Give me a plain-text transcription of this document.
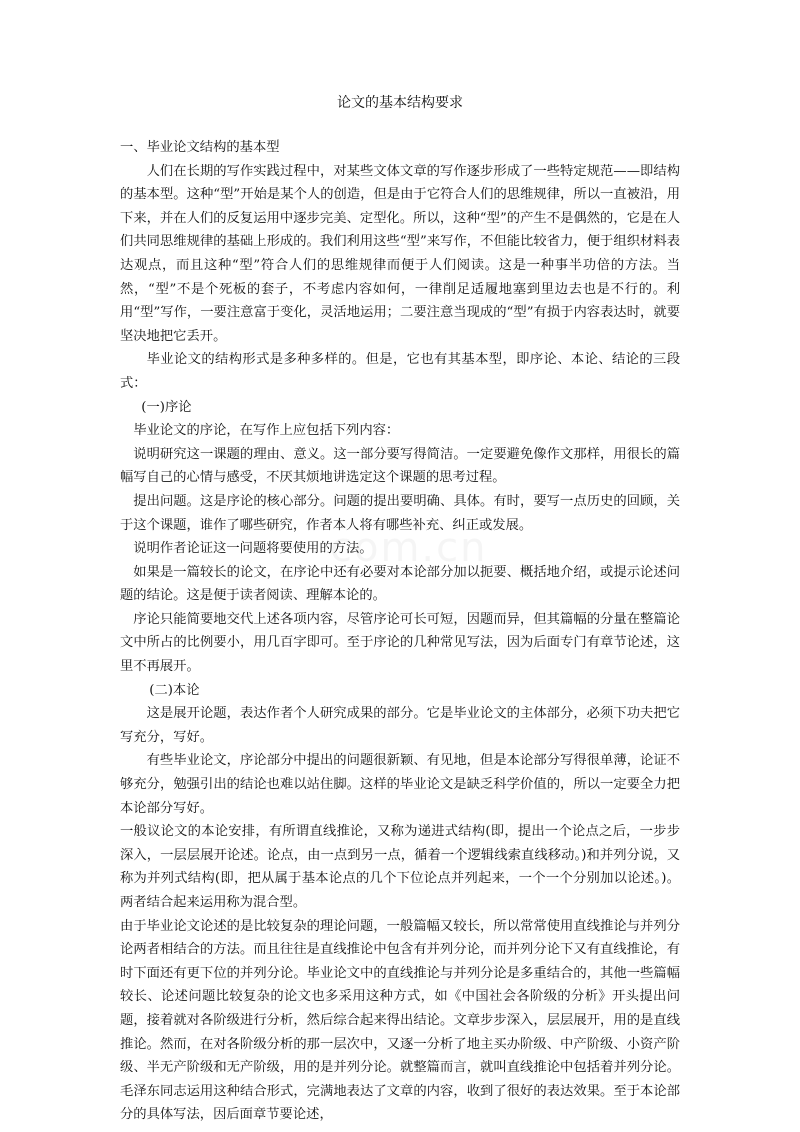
com.cn
论文的基本结构要求

一、毕业论文结构的基本型

人们在长期的写作实践过程中，对某些文体文章的写作逐步形成了一些特定规范——即结构的基本型。这种“型”开始是某个人的创造，但是由于它符合人们的思维规律，所以一直被沿，用下来，并在人们的反复运用中逐步完美、定型化。所以，这种“型”的产生不是偶然的，它是在人们共同思维规律的基础上形成的。我们利用这些“型”来写作，不但能比较省力，便于组织材料表达观点，而且这种“型”符合人们的思维规律而便于人们阅读。这是一种事半功倍的方法。当然，“型”不是个死板的套子，不考虑内容如何，一律削足适履地塞到里边去也是不行的。利用“型”写作，一要注意富于变化，灵活地运用；二要注意当现成的“型”有损于内容表达时，就要坚决地把它丢开。

毕业论文的结构形式是多种多样的。但是，它也有其基本型，即序论、本论、结论的三段式：

(一)序论

毕业论文的序论，在写作上应包括下列内容：

说明研究这一课题的理由、意义。这一部分要写得简洁。一定要避免像作文那样，用很长的篇幅写自己的心情与感受，不厌其烦地讲选定这个课题的思考过程。

提出问题。这是序论的核心部分。问题的提出要明确、具体。有时，要写一点历史的回顾，关于这个课题，谁作了哪些研究，作者本人将有哪些补充、纠正或发展。

说明作者论证这一问题将要使用的方法。

如果是一篇较长的论文，在序论中还有必要对本论部分加以扼要、概括地介绍，或提示论述问题的结论。这是便于读者阅读、理解本论的。

序论只能简要地交代上述各项内容，尽管序论可长可短，因题而异，但其篇幅的分量在整篇论文中所占的比例要小，用几百字即可。至于序论的几种常见写法，因为后面专门有章节论述，这里不再展开。

(二)本论

这是展开论题，表达作者个人研究成果的部分。它是毕业论文的主体部分，必须下功夫把它写充分，写好。

有些毕业论文，序论部分中提出的问题很新颖、有见地，但是本论部分写得很单薄，论证不够充分，勉强引出的结论也难以站住脚。这样的毕业论文是缺乏科学价值的，所以一定要全力把本论部分写好。

一般议论文的本论安排，有所谓直线推论，又称为递进式结构(即，提出一个论点之后，一步步深入，一层层展开论述。论点，由一点到另一点，循着一个逻辑线索直线移动。)和并列分说，又称为并列式结构(即，把从属于基本论点的几个下位论点并列起来，一个一个分别加以论述。)。两者结合起来运用称为混合型。

由于毕业论文论述的是比较复杂的理论问题，一般篇幅又较长，所以常常使用直线推论与并列分论两者相结合的方法。而且往往是直线推论中包含有并列分论，而并列分论下又有直线推论，有时下面还有更下位的并列分论。毕业论文中的直线推论与并列分论是多重结合的，其他一些篇幅较长、论述问题比较复杂的论文也多采用这种方式，如《中国社会各阶级的分析》开头提出问题，接着就对各阶级进行分析，然后综合起来得出结论。文章步步深入，层层展开，用的是直线推论。然而，在对各阶级分析的那一层次中，又逐一分析了地主买办阶级、中产阶级、小资产阶级、半无产阶级和无产阶级，用的是并列分论。就整篇而言，就叫直线推论中包括着并列分论。毛泽东同志运用这种结合形式，完满地表达了文章的内容，收到了很好的表达效果。至于本论部分的具体写法，因后面章节要论述，
